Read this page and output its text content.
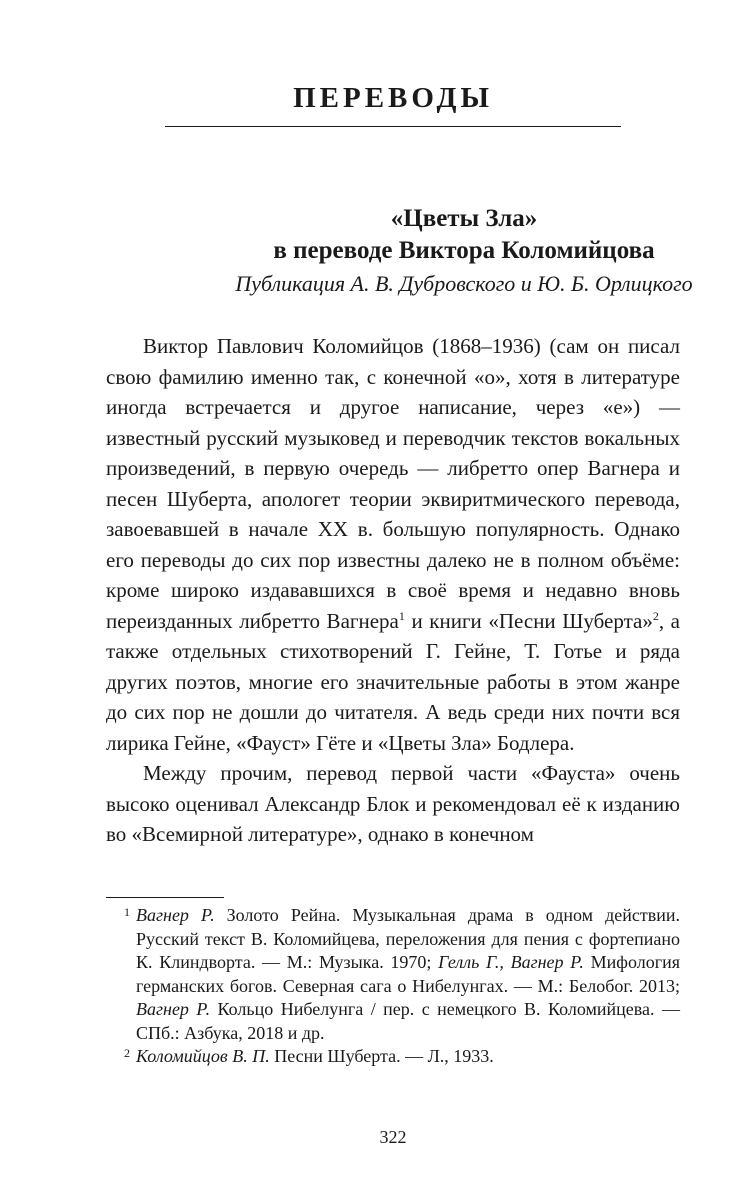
ПЕРЕВОДЫ
«Цветы Зла»
в переводе Виктора Коломийцова
Публикация А. В. Дубровского и Ю. Б. Орлицкого

Виктор Павлович Коломийцов (1868–1936) (сам он писал свою фамилию именно так, с конечной «о», хотя в литературе иногда встречается и другое написание, через «е») — известный русский музыковед и переводчик текстов вокальных произведений, в первую очередь — либретто опер Вагнера и песен Шуберта, апологет теории эквиритмического перевода, завоевавшей в начале XX в. большую популярность. Однако его переводы до сих пор известны далеко не в полном объёме: кроме широко издававшихся в своё время и недавно вновь переизданных либретто Вагнера$^1$ и книги «Песни Шуберта»$^2$, а также отдельных стихотворений Г. Гейне, Т. Готье и ряда других поэтов, многие его значительные работы в этом жанре до сих пор не дошли до читателя. А ведь среди них почти вся лирика Гейне, «Фауст» Гёте и «Цветы Зла» Бодлера.

Между прочим, перевод первой части «Фауста» очень высоко оценивал Александр Блок и рекомендовал её к изданию во «Всемирной литературе», однако в конечном

1 Вагнер Р. Золото Рейна. Музыкальная драма в одном действии. Русский текст В. Коломийцева, переложения для пения с фортепиано К. Клиндворта. — М.: Музыка. 1970; Гелль Г., Вагнер Р. Мифология германских богов. Северная сага о Нибелунгах. — М.: Белобог. 2013; Вагнер Р. Кольцо Нибелунга / пер. с немецкого В. Коломийцева. — СПб.: Азбука, 2018 и др.

2 Коломийцов В. П. Песни Шуберта. — Л., 1933.

322
